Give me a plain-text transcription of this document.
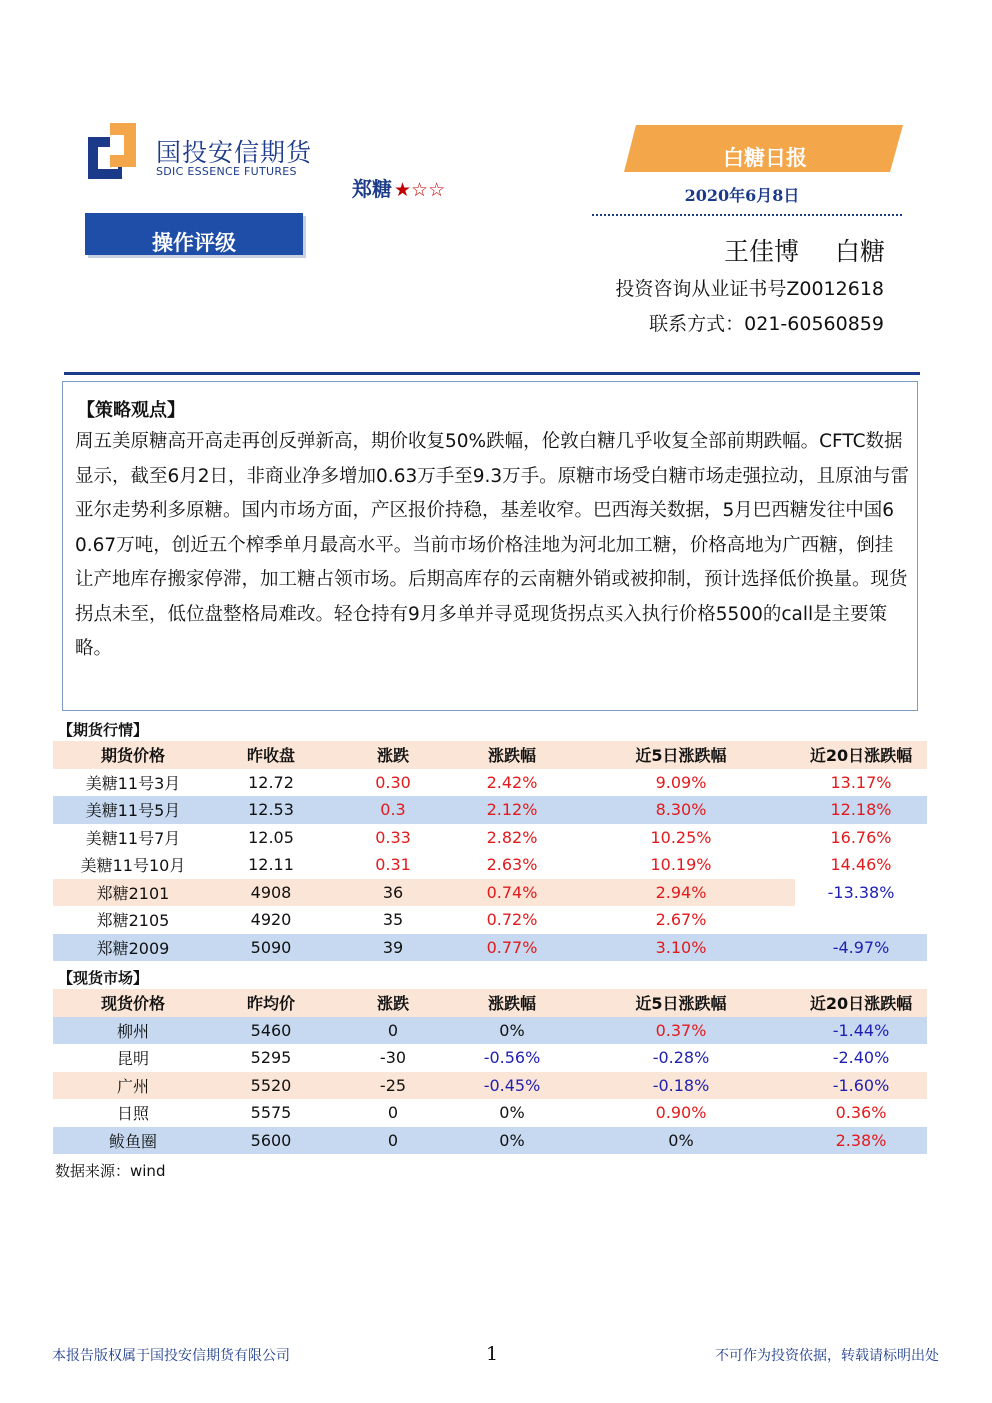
国投安信期货
SDIC ESSENCE FUTURES
郑糖 ★☆☆
操作评级
白糖日报
2020年6月8日
王佳博 白糖
投资咨询从业证书号Z0012618
联系方式：021-60560859
【策略观点】
周五美原糖高开高走再创反弹新高，期价收复50%跌幅，伦敦白糖几乎收复全部前期跌幅。CFTC数据显示，截至6月2日，非商业净多增加0.63万手至9.3万手。原糖市场受白糖市场走强拉动，且原油与雷亚尔走势利多原糖。国内市场方面，产区报价持稳，基差收窄。巴西海关数据，5月巴西糖发往中国60.67万吨，创近五个榨季单月最高水平。当前市场价格洼地为河北加工糖，价格高地为广西糖，倒挂让产地库存搬家停滞，加工糖占领市场。后期高库存的云南糖外销或被抑制，预计选择低价换量。现货拐点未至，低位盘整格局难改。轻仓持有9月多单并寻觅现货拐点买入执行价格5500的call是主要策略。
【期货行情】
期货价格	昨收盘	涨跌	涨跌幅	近5日涨跌幅	近20日涨跌幅
美糖11号3月	12.72	0.30	2.42%	9.09%	13.17%
美糖11号5月	12.53	0.3	2.12%	8.30%	12.18%
美糖11号7月	12.05	0.33	2.82%	10.25%	16.76%
美糖11号10月	12.11	0.31	2.63%	10.19%	14.46%
郑糖2101	4908	36	0.74%	2.94%	-13.38%
郑糖2105	4920	35	0.72%	2.67%	
郑糖2009	5090	39	0.77%	3.10%	-4.97%
【现货市场】
现货价格	昨均价	涨跌	涨跌幅	近5日涨跌幅	近20日涨跌幅
柳州	5460	0	0%	0.37%	-1.44%
昆明	5295	-30	-0.56%	-0.28%	-2.40%
广州	5520	-25	-0.45%	-0.18%	-1.60%
日照	5575	0	0%	0.90%	0.36%
鲅鱼圈	5600	0	0%	0%	2.38%
数据来源：wind
本报告版权属于国投安信期货有限公司	1	不可作为投资依据，转载请标明出处
